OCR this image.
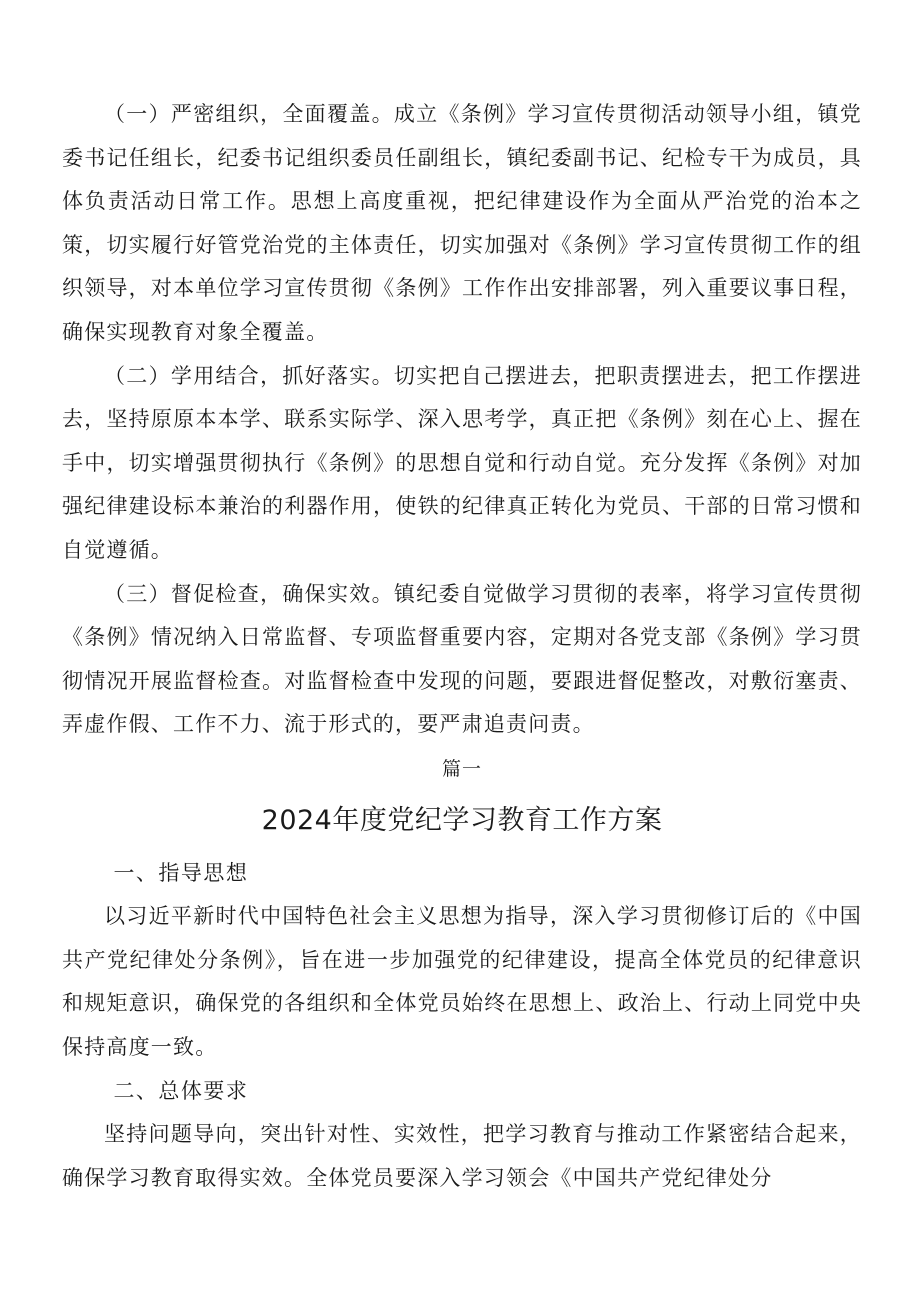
（一）严密组织，全面覆盖。成立《条例》学习宣传贯彻活动领导小组，镇党委书记任组长，纪委书记组织委员任副组长，镇纪委副书记、纪检专干为成员，具体负责活动日常工作。思想上高度重视，把纪律建设作为全面从严治党的治本之策，切实履行好管党治党的主体责任，切实加强对《条例》学习宣传贯彻工作的组织领导，对本单位学习宣传贯彻《条例》工作作出安排部署，列入重要议事日程，确保实现教育对象全覆盖。

（二）学用结合，抓好落实。切实把自己摆进去，把职责摆进去，把工作摆进去，坚持原原本本学、联系实际学、深入思考学，真正把《条例》刻在心上、握在手中，切实增强贯彻执行《条例》的思想自觉和行动自觉。充分发挥《条例》对加强纪律建设标本兼治的利器作用，使铁的纪律真正转化为党员、干部的日常习惯和自觉遵循。

（三）督促检查，确保实效。镇纪委自觉做学习贯彻的表率，将学习宣传贯彻《条例》情况纳入日常监督、专项监督重要内容，定期对各党支部《条例》学习贯彻情况开展监督检查。对监督检查中发现的问题，要跟进督促整改，对敷衍塞责、弄虚作假、工作不力、流于形式的，要严肃追责问责。

篇一

2024年度党纪学习教育工作方案

一、指导思想

以习近平新时代中国特色社会主义思想为指导，深入学习贯彻修订后的《中国共产党纪律处分条例》，旨在进一步加强党的纪律建设，提高全体党员的纪律意识和规矩意识，确保党的各组织和全体党员始终在思想上、政治上、行动上同党中央保持高度一致。

二、总体要求

坚持问题导向，突出针对性、实效性，把学习教育与推动工作紧密结合起来，确保学习教育取得实效。全体党员要深入学习领会《中国共产党纪律处分
